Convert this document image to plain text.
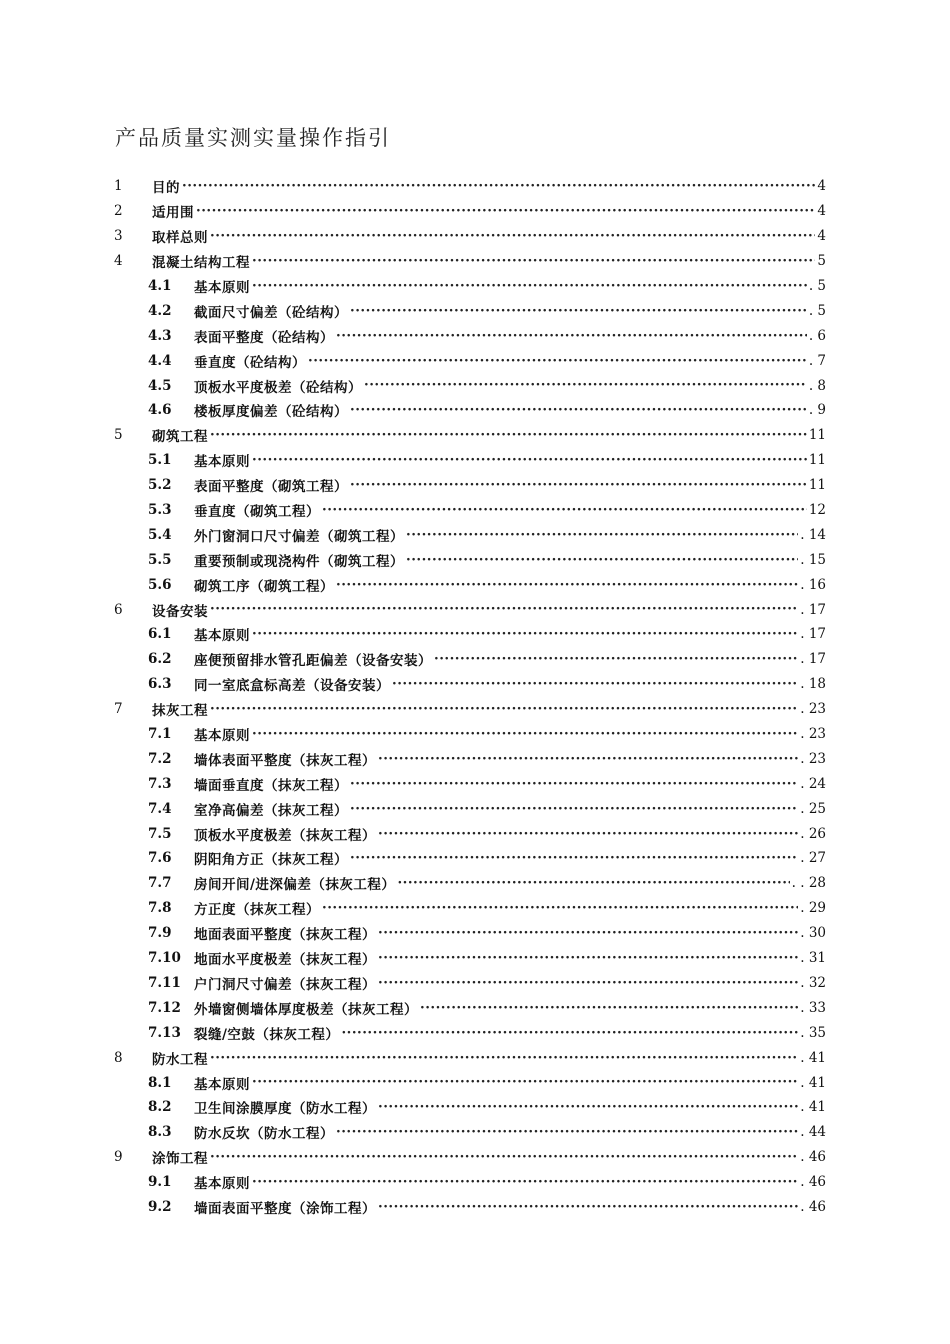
产品质量实测实量操作指引
1	目的 ·····	4
2	适用围 ·····	4
3	取样总则 ·····	4
4	混凝土结构工程 ·····	5
4.1	基本原则 ·····	. 5
4.2	截面尺寸偏差（砼结构） ·····	. 5
4.3	表面平整度（砼结构） ·····	. 6
4.4	垂直度（砼结构） ·····	. 7
4.5	顶板水平度极差（砼结构） ·····	. 8
4.6	楼板厚度偏差（砼结构） ·····	. 9
5	砌筑工程 ·····	11
5.1	基本原则 ·····	11
5.2	表面平整度（砌筑工程） ·····	11
5.3	垂直度（砌筑工程） ·····	12
5.4	外门窗洞口尺寸偏差（砌筑工程） ·····	. 14
5.5	重要预制或现浇构件（砌筑工程） ·····	. 15
5.6	砌筑工序（砌筑工程） ·····	. 16
6	设备安装 ·····	. 17
6.1	基本原则 ·····	. 17
6.2	座便预留排水管孔距偏差（设备安装） ·····	. 17
6.3	同一室底盒标高差（设备安装） ·····	. 18
7	抹灰工程 ·····	. 23
7.1	基本原则 ·····	. 23
7.2	墙体表面平整度（抹灰工程） ·····	. 23
7.3	墙面垂直度（抹灰工程） ·····	. 24
7.4	室净高偏差（抹灰工程） ·····	. 25
7.5	顶板水平度极差（抹灰工程） ·····	. 26
7.6	阴阳角方正（抹灰工程） ·····	. 27
7.7	房间开间/进深偏差（抹灰工程） ·····	. . 28
7.8	方正度（抹灰工程） ·····	. 29
7.9	地面表面平整度（抹灰工程） ·····	. 30
7.10 地面水平度极差（抹灰工程） ·····	. 31
7.11 户门洞尺寸偏差（抹灰工程） ·····	. 32
7.12 外墙窗侧墙体厚度极差（抹灰工程） ·····	. 33
7.13 裂缝/空鼓（抹灰工程） ·····	. 35
8	防水工程 ·····	. 41
8.1	基本原则 ·····	. 41
8.2	卫生间涂膜厚度（防水工程） ·····	. 41
8.3	防水反坎（防水工程） ·····	. 44
9	涂饰工程 ·····	. 46
9.1	基本原则 ·····	. 46
9.2	墙面表面平整度（涂饰工程） ·····	. 46
